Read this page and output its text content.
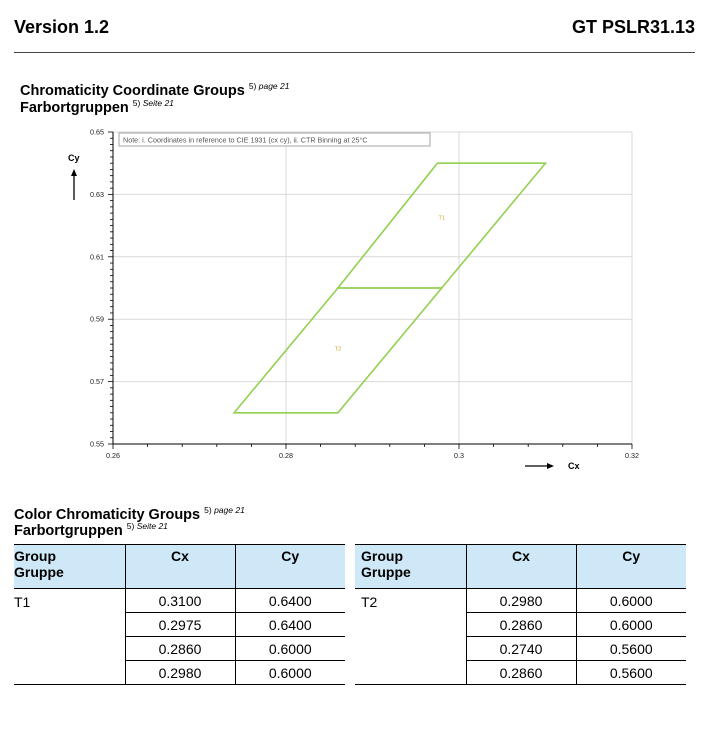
Version 1.2	GT PSLR31.13
Chromaticity Coordinate Groups $^{5) page 21}$
Farbortgruppen $^{5) Seite 21}$
0.55
0.57
0.59
0.61
0.63
0.65
0.26	0.28	0.3	0.32
T1
T2
Note: i. Coordinates in reference to CIE 1931 (cx cy), ii. CTR Binning at 25°C
Cy
Cx
Color Chromaticity Groups $^{5) page 21}$
Farbortgruppen $^{5) Seite 21}$
Group
Gruppe	Cx	Cy
T1	0.3100	0.6400
	0.2975	0.6400
	0.2860	0.6000
	0.2980	0.6000
Group
Gruppe	Cx	Cy
T2	0.2980	0.6000
	0.2860	0.6000
	0.2740	0.5600
	0.2860	0.5600
